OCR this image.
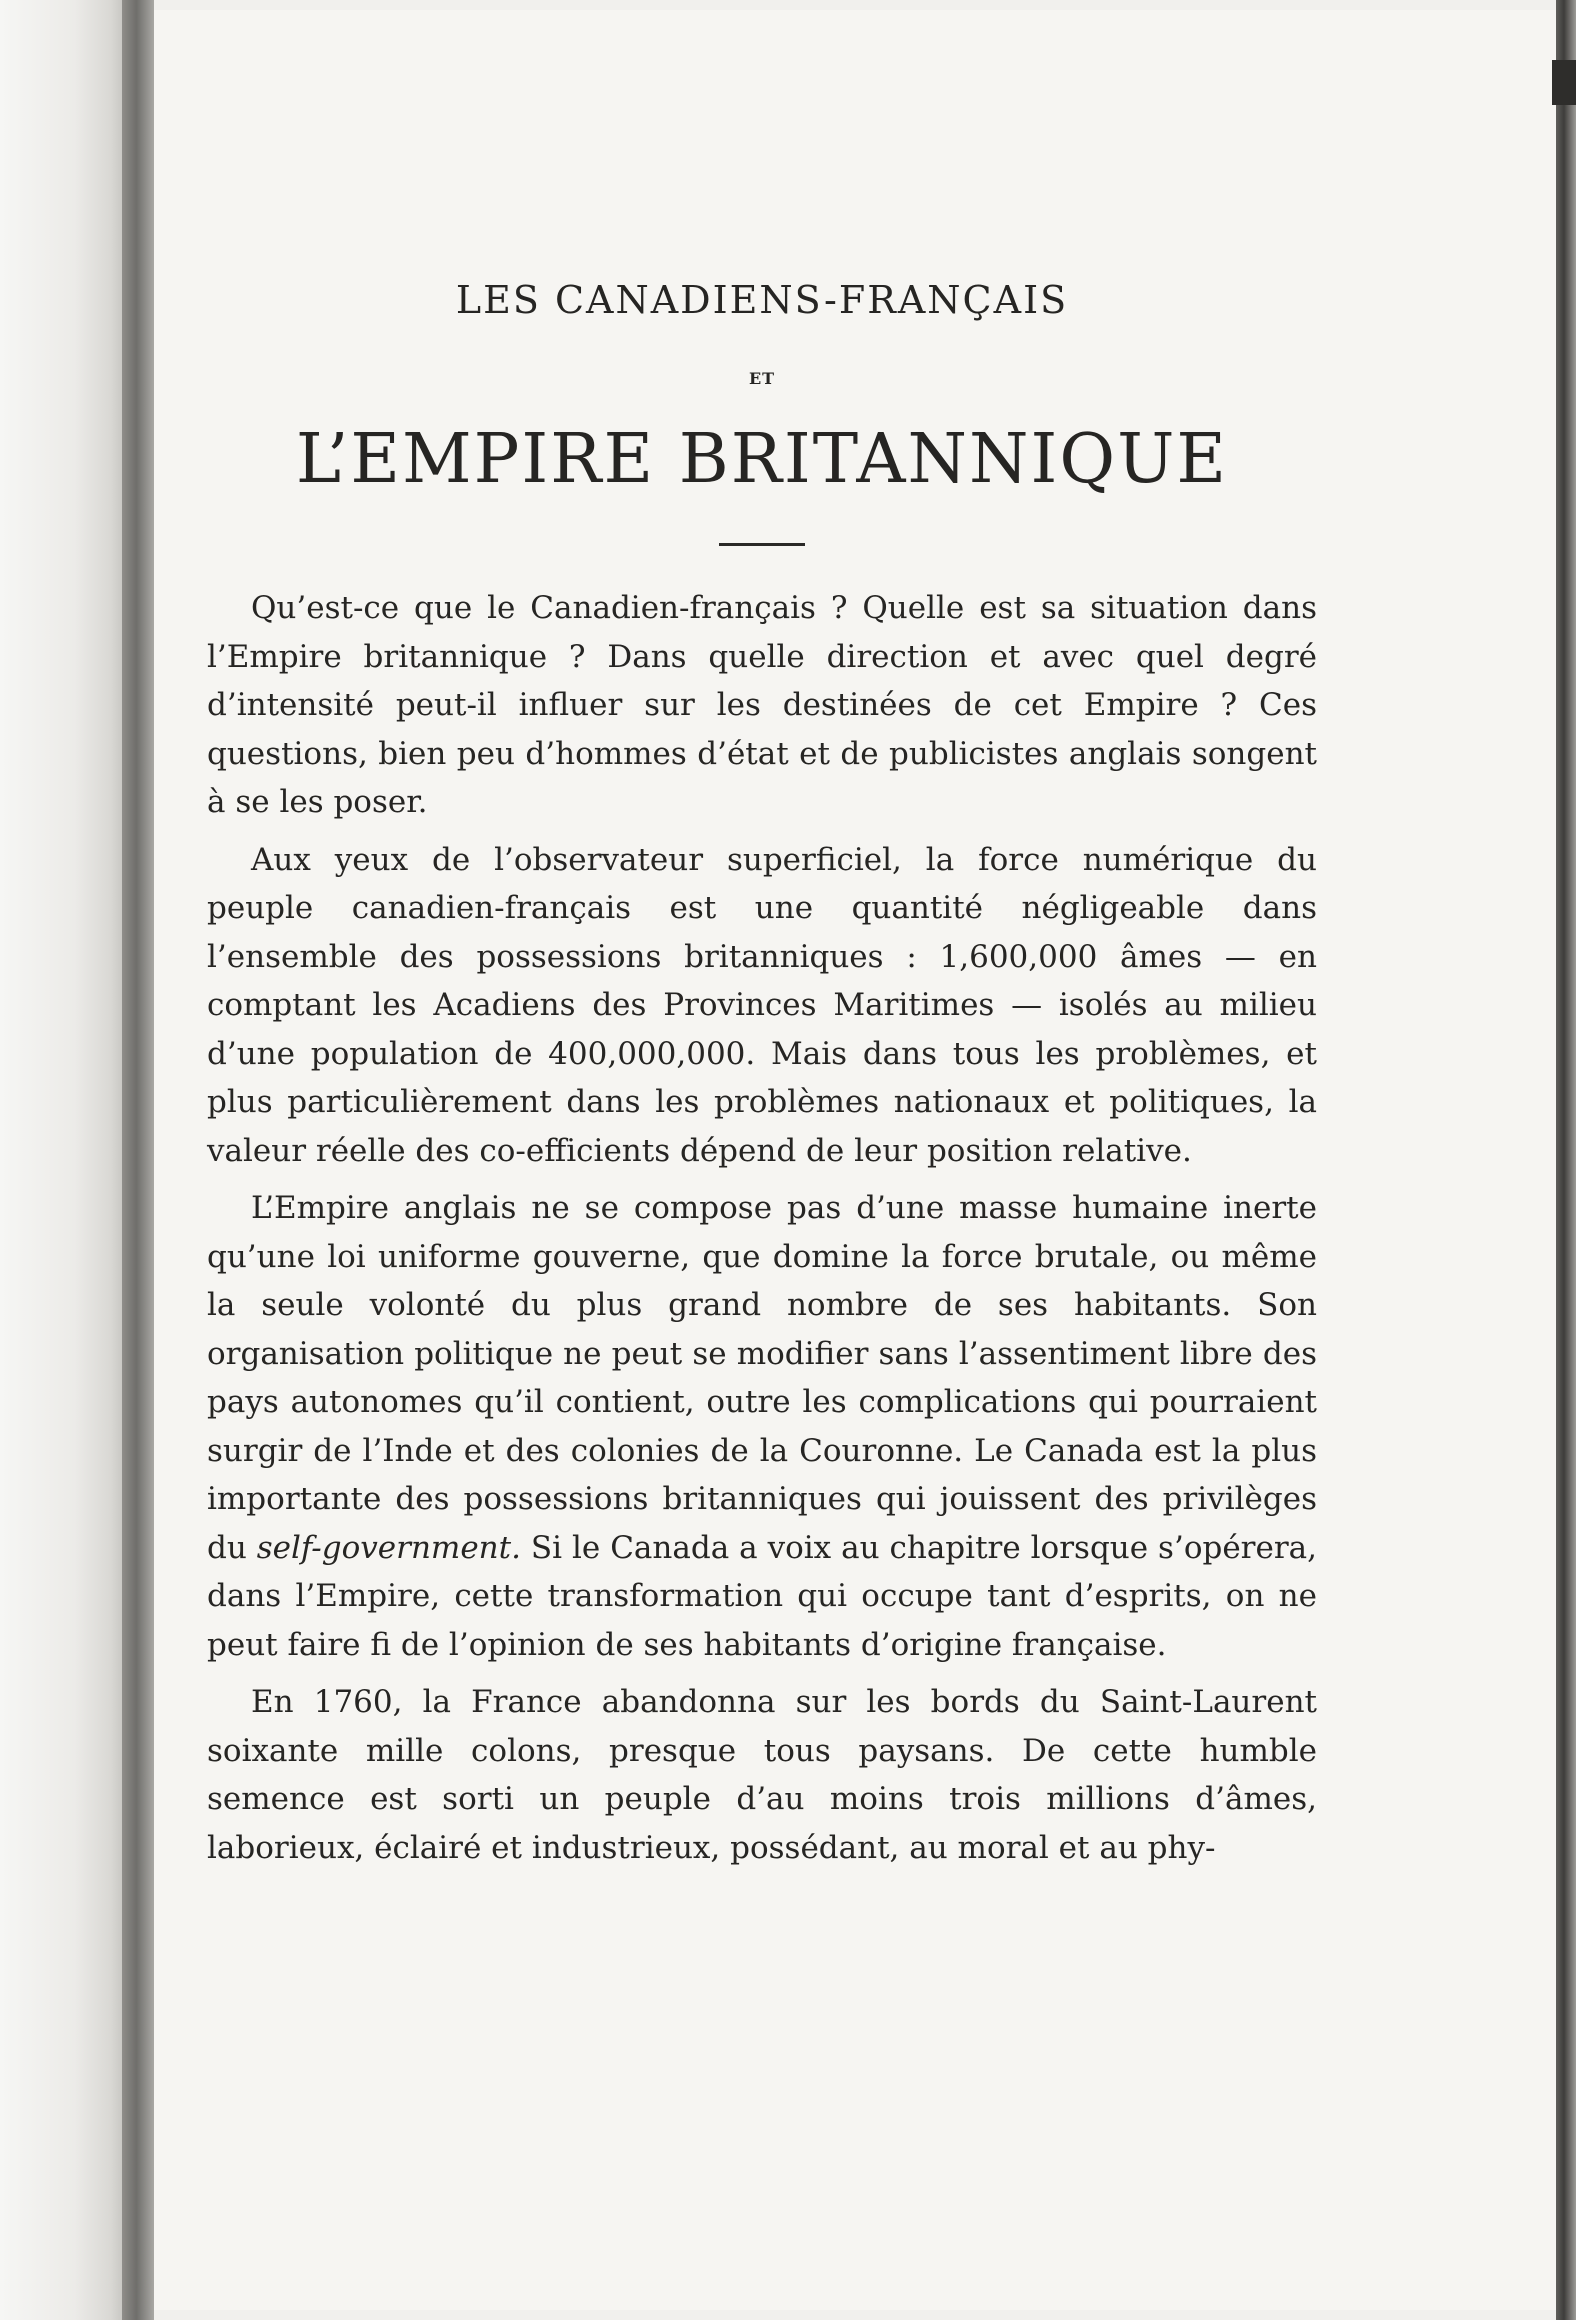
LES CANADIENS-FRANÇAIS
ET
L’EMPIRE BRITANNIQUE

Qu’est-ce que le Canadien-français ? Quelle est sa situation dans l’Empire britannique ? Dans quelle direction et avec quel degré d’intensité peut-il influer sur les destinées de cet Empire ? Ces questions, bien peu d’hommes d’état et de publicistes anglais songent à se les poser.

Aux yeux de l’observateur superficiel, la force numérique du peuple canadien-français est une quantité négligeable dans l’ensemble des possessions britanniques : 1,600,000 âmes — en comptant les Acadiens des Provinces Maritimes — isolés au milieu d’une population de 400,000,000. Mais dans tous les problèmes, et plus particulièrement dans les problèmes nationaux et politiques, la valeur réelle des co-efficients dépend de leur position relative.

L’Empire anglais ne se compose pas d’une masse humaine inerte qu’une loi uniforme gouverne, que domine la force brutale, ou même la seule volonté du plus grand nombre de ses habitants. Son organisation politique ne peut se modifier sans l’assentiment libre des pays autonomes qu’il contient, outre les complications qui pourraient surgir de l’Inde et des colonies de la Couronne. Le Canada est la plus importante des possessions britanniques qui jouissent des privilèges du self-government. Si le Canada a voix au chapitre lorsque s’opérera, dans l’Empire, cette transformation qui occupe tant d’esprits, on ne peut faire fi de l’opinion de ses habitants d’origine française.

En 1760, la France abandonna sur les bords du Saint-Laurent soixante mille colons, presque tous paysans. De cette humble semence est sorti un peuple d’au moins trois millions d’âmes, laborieux, éclairé et industrieux, possédant, au moral et au phy-
